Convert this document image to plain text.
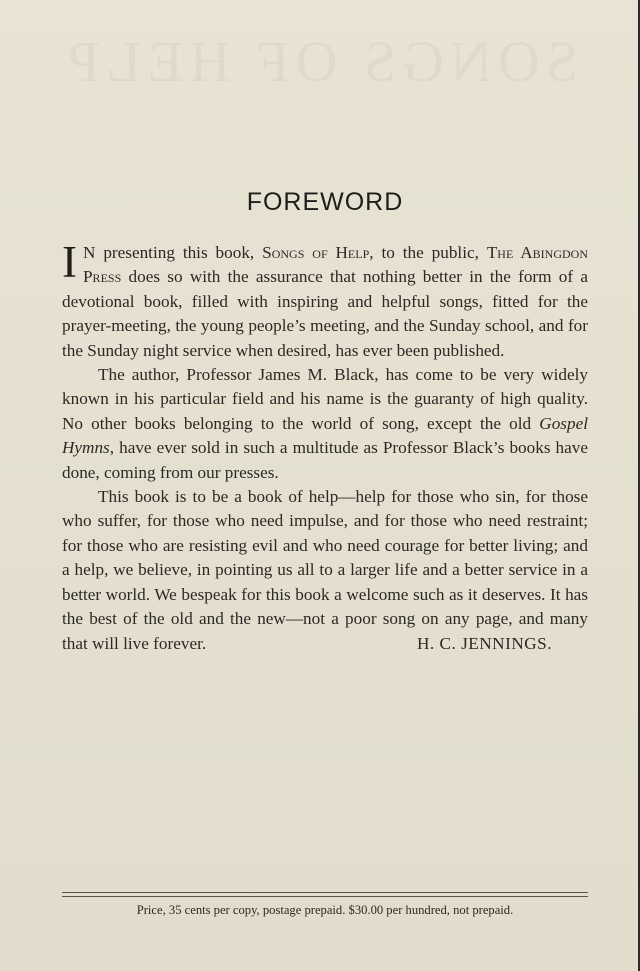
SONGS OF HELP
FOREWORD

I N presenting this book, Songs of Help, to the public, The Abingdon Press does so with the assurance that nothing better in the form of a devotional book, filled with inspiring and helpful songs, fitted for the prayer-meeting, the young people’s meeting, and the Sunday school, and for the Sunday night service when desired, has ever been published.

The author, Professor James M. Black, has come to be very widely known in his particular field and his name is the guaranty of high quality. No other books belonging to the world of song, except the old Gospel Hymns, have ever sold in such a multitude as Professor Black’s books have done, coming from our presses.

This book is to be a book of help—help for those who sin, for those who suffer, for those who need impulse, and for those who need restraint; for those who are resisting evil and who need courage for better living; and a help, we believe, in pointing us all to a larger life and a better service in a better world. We bespeak for this book a welcome such as it deserves. It has the best of the old and the new—not a poor song on any page, and many that will live forever.	H. C. JENNINGS.

Price, 35 cents per copy, postage prepaid. $30.00 per hundred, not prepaid.
